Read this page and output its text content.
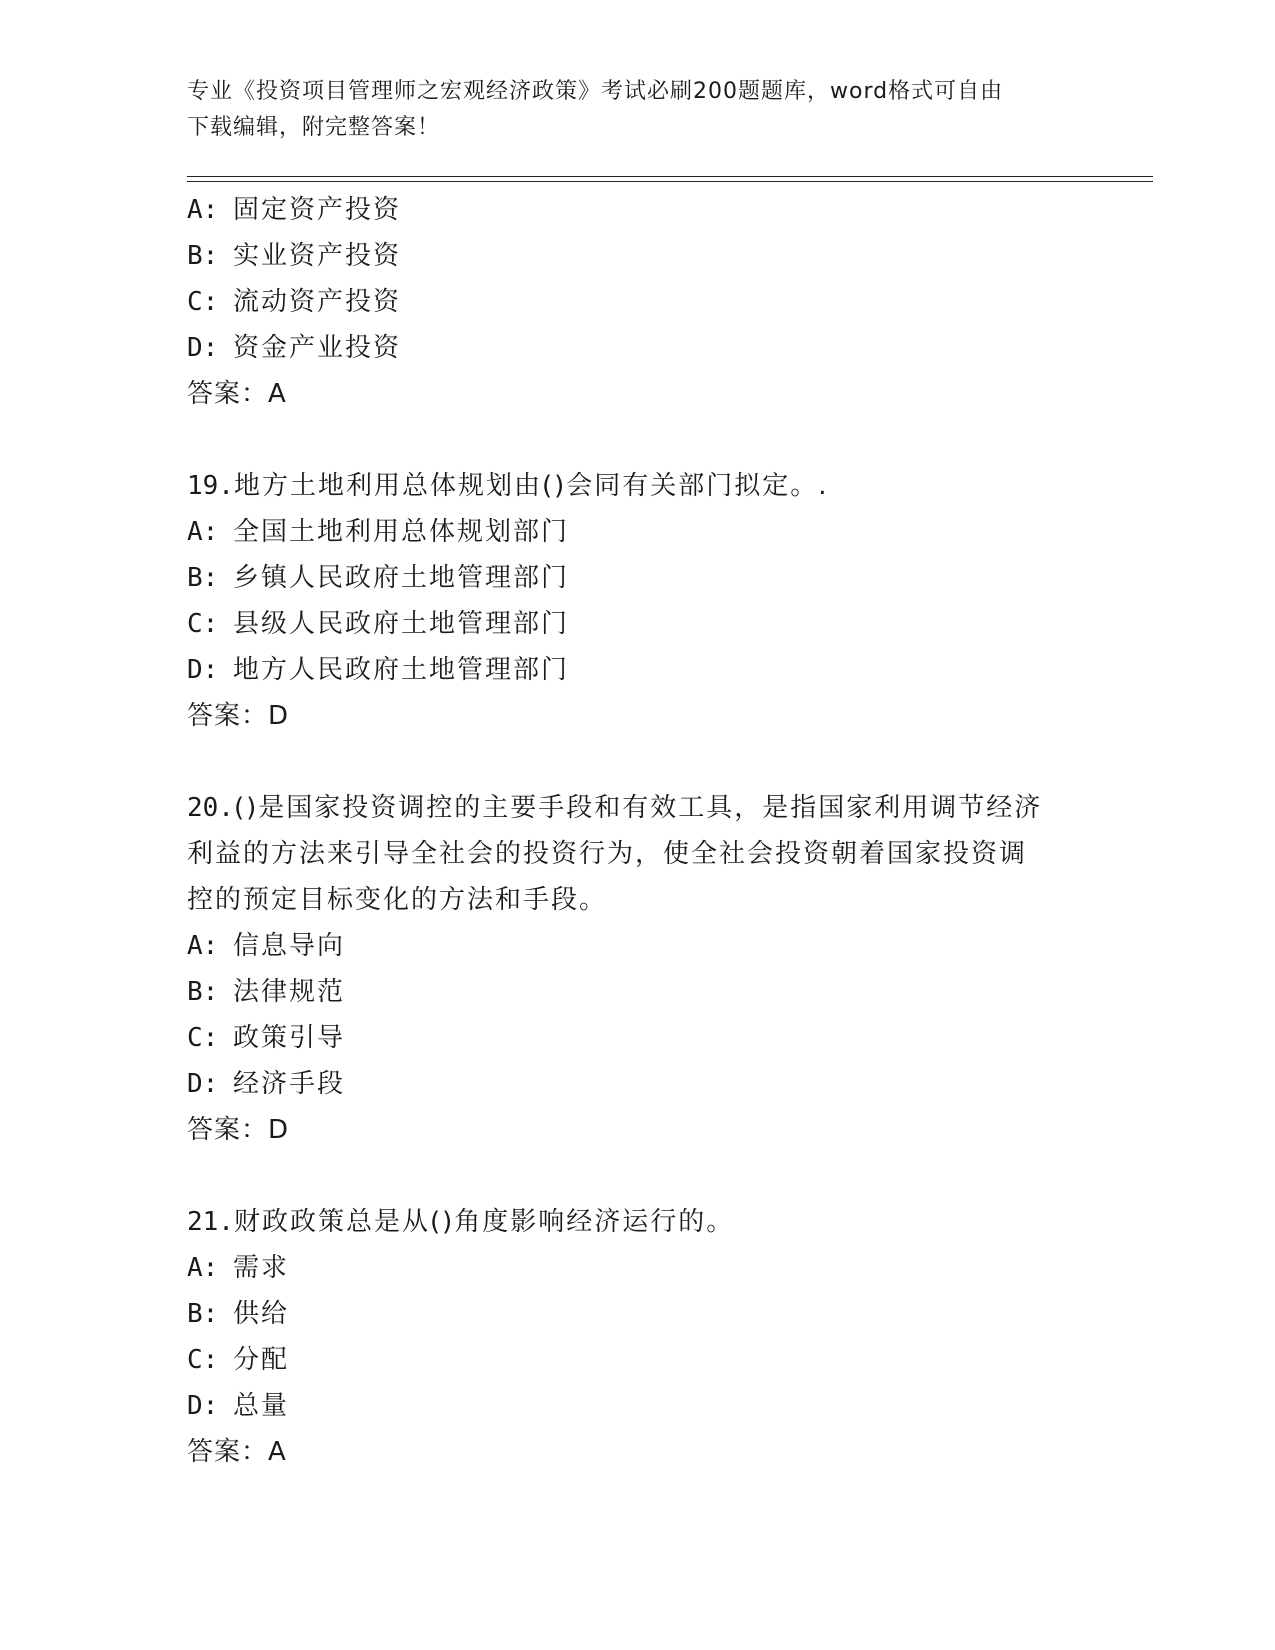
专业《投资项目管理师之宏观经济政策》考试必刷200题题库，word格式可自由
下载编辑，附完整答案！
A: 固定资产投资
B: 实业资产投资
C: 流动资产投资
D: 资金产业投资
答案：A
19.地方土地利用总体规划由()会同有关部门拟定。.
A: 全国土地利用总体规划部门
B: 乡镇人民政府土地管理部门
C: 县级人民政府土地管理部门
D: 地方人民政府土地管理部门
答案：D
20.()是国家投资调控的主要手段和有效工具，是指国家利用调节经济
利益的方法来引导全社会的投资行为，使全社会投资朝着国家投资调
控的预定目标变化的方法和手段。
A: 信息导向
B: 法律规范
C: 政策引导
D: 经济手段
答案：D
21.财政政策总是从()角度影响经济运行的。
A: 需求
B: 供给
C: 分配
D: 总量
答案：A
